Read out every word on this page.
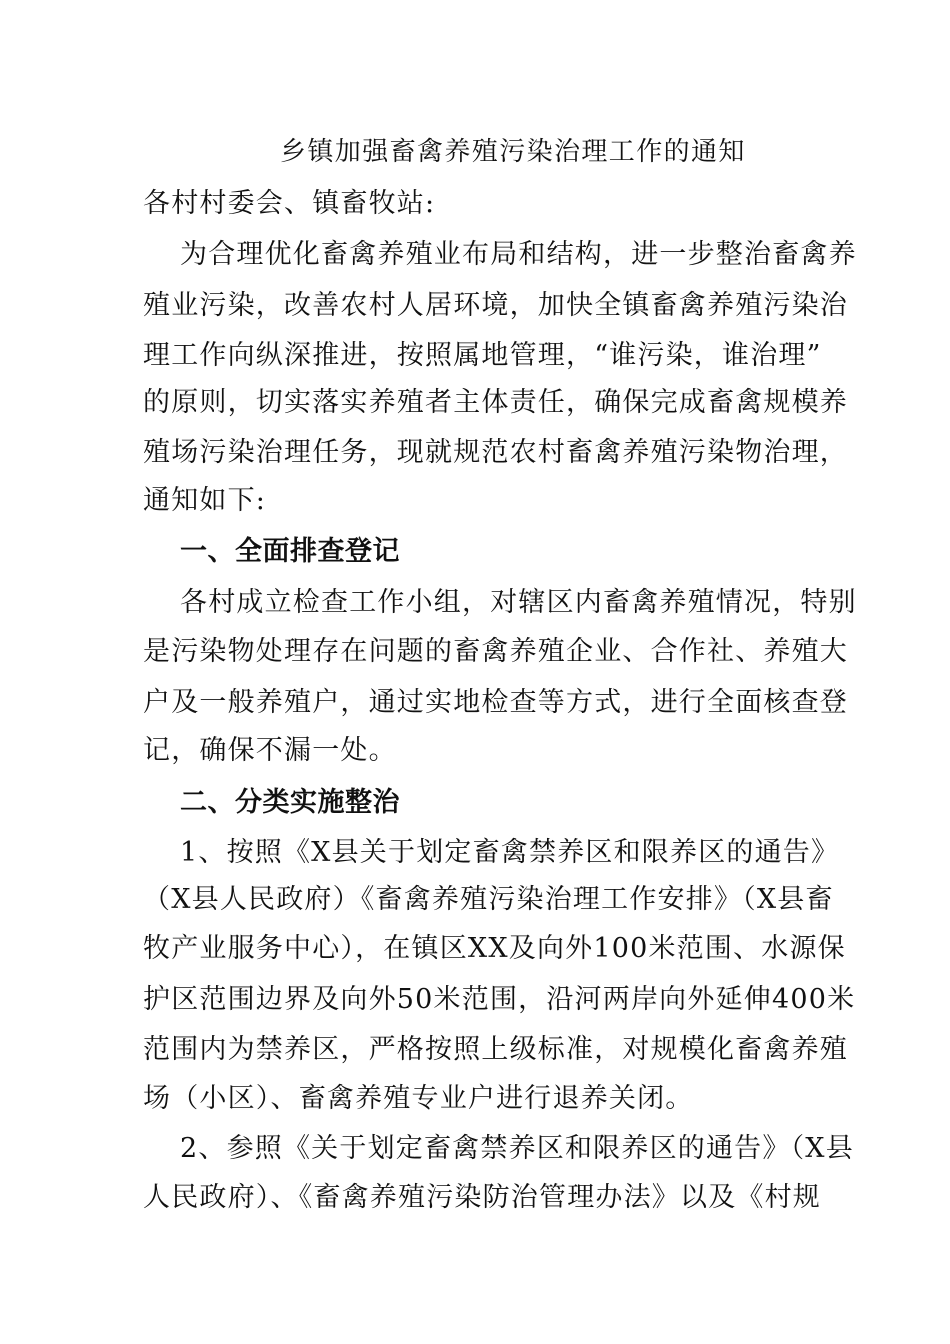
乡镇加强畜禽养殖污染治理工作的通知
各村村委会、镇畜牧站:
为合理优化畜禽养殖业布局和结构，进一步整治畜禽养
殖业污染，改善农村人居环境，加快全镇畜禽养殖污染治
理工作向纵深推进，按照属地管理，“谁污染，谁治理”
的原则，切实落实养殖者主体责任，确保完成畜禽规模养
殖场污染治理任务，现就规范农村畜禽养殖污染物治理，
通知如下:
一、全面排查登记
各村成立检查工作小组，对辖区内畜禽养殖情况，特别
是污染物处理存在问题的畜禽养殖企业、合作社、养殖大
户及一般养殖户，通过实地检查等方式，进行全面核查登
记，确保不漏一处。
二、分类实施整治
1、按照《X县关于划定畜禽禁养区和限养区的通告》
（X县人民政府）《畜禽养殖污染治理工作安排》（X县畜
牧产业服务中心），在镇区XX及向外100米范围、水源保
护区范围边界及向外50米范围，沿河两岸向外延伸400米
范围内为禁养区，严格按照上级标准，对规模化畜禽养殖
场（小区）、畜禽养殖专业户进行退养关闭。
2、参照《关于划定畜禽禁养区和限养区的通告》（X县
人民政府）、《畜禽养殖污染防治管理办法》以及《村规
